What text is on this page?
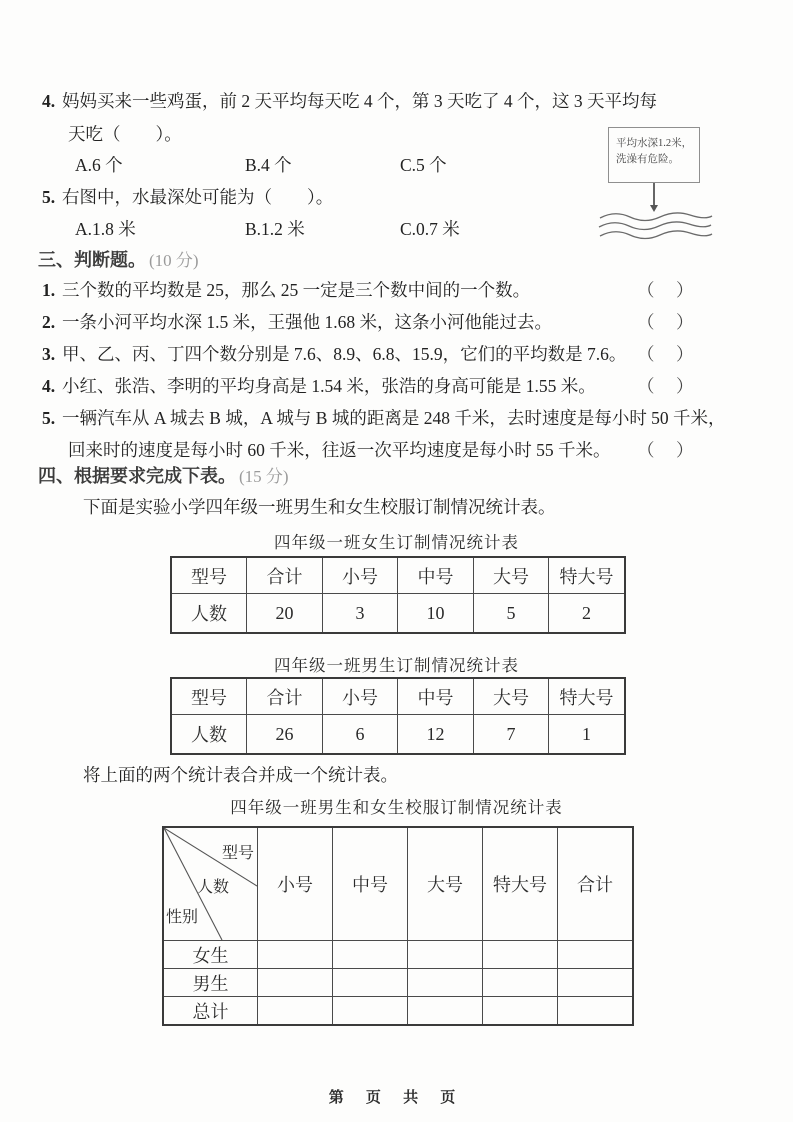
4. 妈妈买来一些鸡蛋，前 2 天平均每天吃 4 个，第 3 天吃了 4 个，这 3 天平均每
天吃（　　）。
A.6 个	B.4 个	C.5 个
5. 右图中，水最深处可能为（　　）。
A.1.8 米	B.1.2 米	C.0.7 米
平均水深1.2米，
洗澡有危险。
三、判断题。 (10 分)
1. 三个数的平均数是 25，那么 25 一定是三个数中间的一个数。	（　）
2. 一条小河平均水深 1.5 米，王强他 1.68 米，这条小河他能过去。	（　）
3. 甲、乙、丙、丁四个数分别是 7.6、8.9、6.8、15.9，它们的平均数是 7.6。 （　）
4. 小红、张浩、李明的平均身高是 1.54 米，张浩的身高可能是 1.55 米。 （　）
5. 一辆汽车从 A 城去 B 城，A 城与 B 城的距离是 248 千米，去时速度是每小时 50 千米，
回来时的速度是每小时 60 千米，往返一次平均速度是每小时 55 千米。 （　）
四、根据要求完成下表。 (15 分)
下面是实验小学四年级一班男生和女生校服订制情况统计表。
四年级一班女生订制情况统计表
型号	合计	小号	中号	大号	特大号
人数	20	3	10	5	2
四年级一班男生订制情况统计表
型号	合计	小号	中号	大号	特大号
人数	26	6	12	7	1
将上面的两个统计表合并成一个统计表。
四年级一班男生和女生校服订制情况统计表
型号
人数
性别	小号	中号	大号	特大号	合计
女生					
男生					
总计					
第 页 共 页
